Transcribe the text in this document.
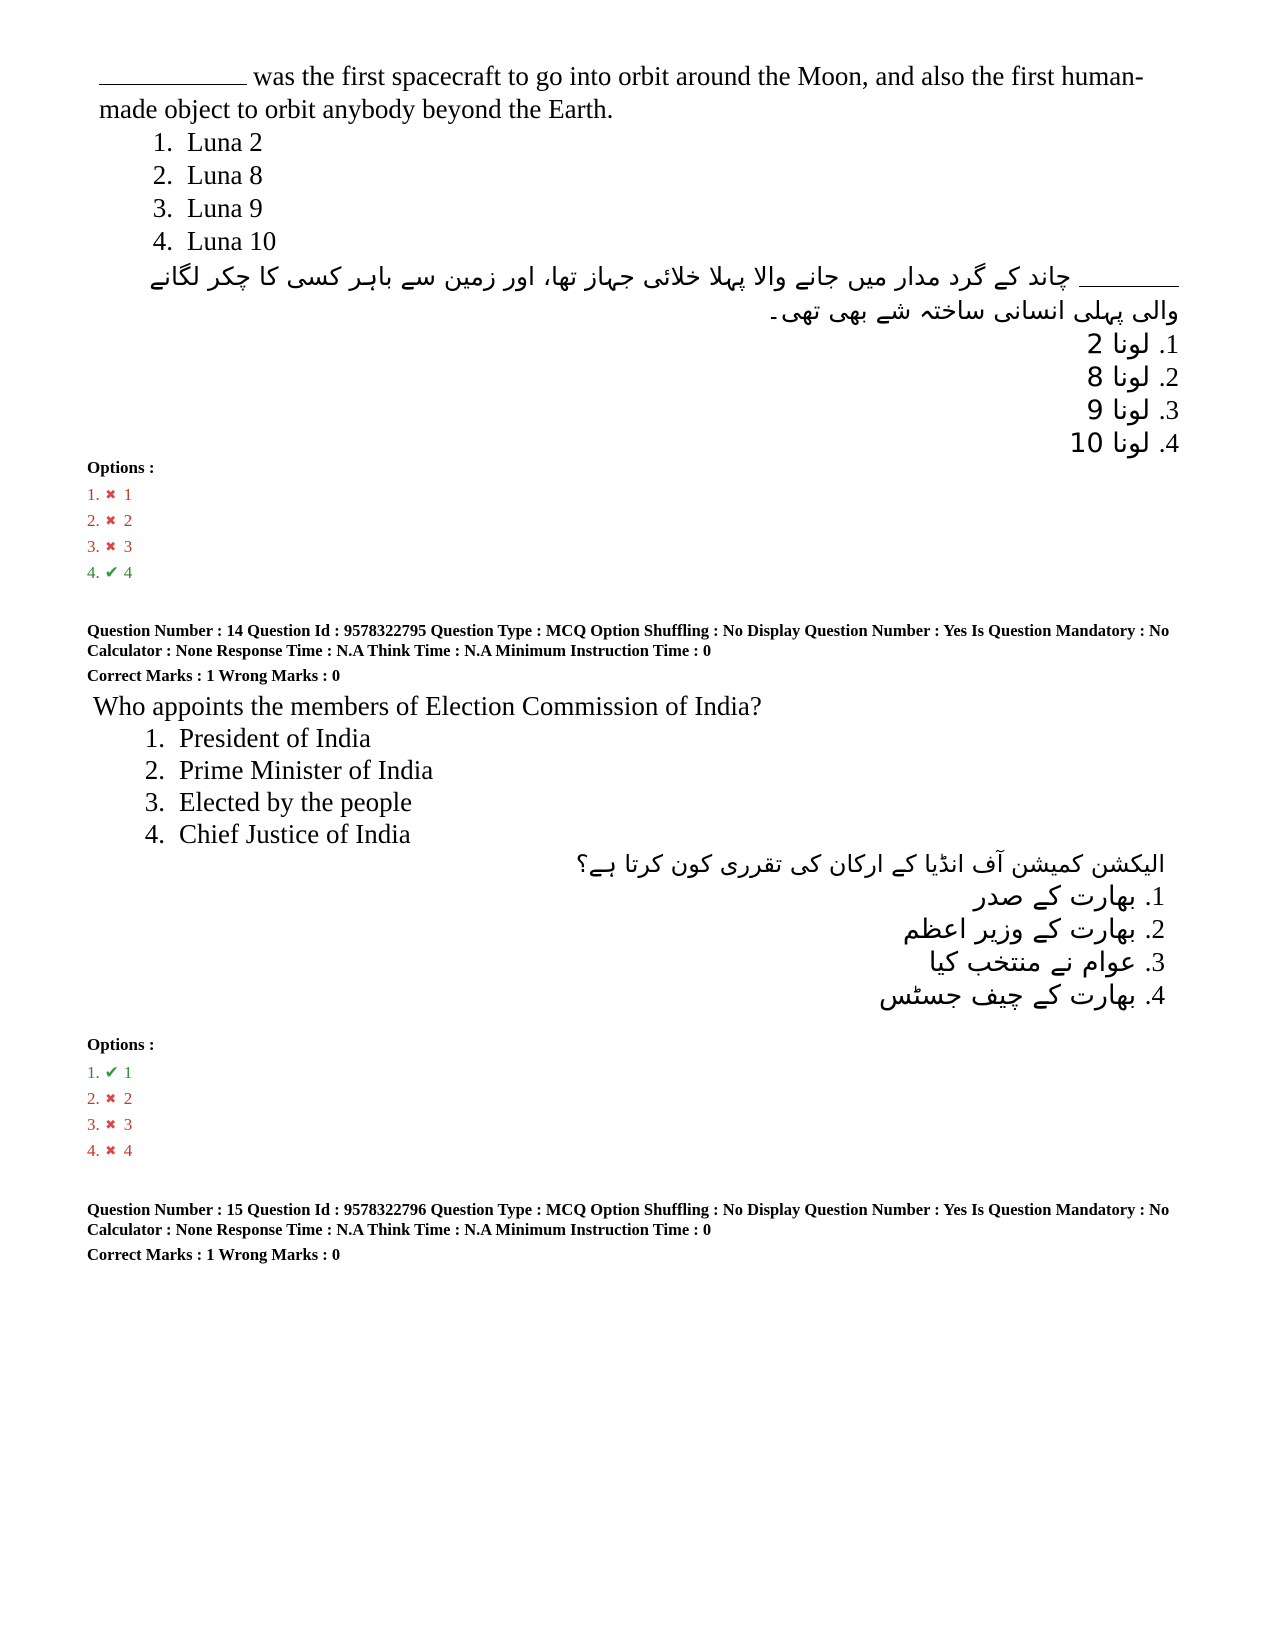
was the first spacecraft to go into orbit around the Moon, and also the first human-made object to orbit anybody beyond the Earth.
1. Luna 2
2. Luna 8
3. Luna 9
4. Luna 10
چاند کے گرد مدار میں جانے والا پہلا خلائی جہاز تھا، اور زمین سے باہر کسی کا چکر لگانے والی پہلی انسانی ساختہ شے بھی تھی۔
1. لونا 2
2. لونا 8
3. لونا 9
4. لونا 10
Options :
1. ✖ 1
2. ✖ 2
3. ✖ 3
4. ✔ 4
Question Number : 14 Question Id : 9578322795 Question Type : MCQ Option Shuffling : No Display Question Number : Yes Is Question Mandatory : No Calculator : None Response Time : N.A Think Time : N.A Minimum Instruction Time : 0
Correct Marks : 1 Wrong Marks : 0
Who appoints the members of Election Commission of India?
1. President of India
2. Prime Minister of India
3. Elected by the people
4. Chief Justice of India
الیکشن کمیشن آف انڈیا کے ارکان کی تقرری کون کرتا ہے؟
1. بھارت کے صدر
2. بھارت کے وزیر اعظم
3. عوام نے منتخب کیا
4. بھارت کے چیف جسٹس
Options :
1. ✔ 1
2. ✖ 2
3. ✖ 3
4. ✖ 4
Question Number : 15 Question Id : 9578322796 Question Type : MCQ Option Shuffling : No Display Question Number : Yes Is Question Mandatory : No Calculator : None Response Time : N.A Think Time : N.A Minimum Instruction Time : 0
Correct Marks : 1 Wrong Marks : 0
